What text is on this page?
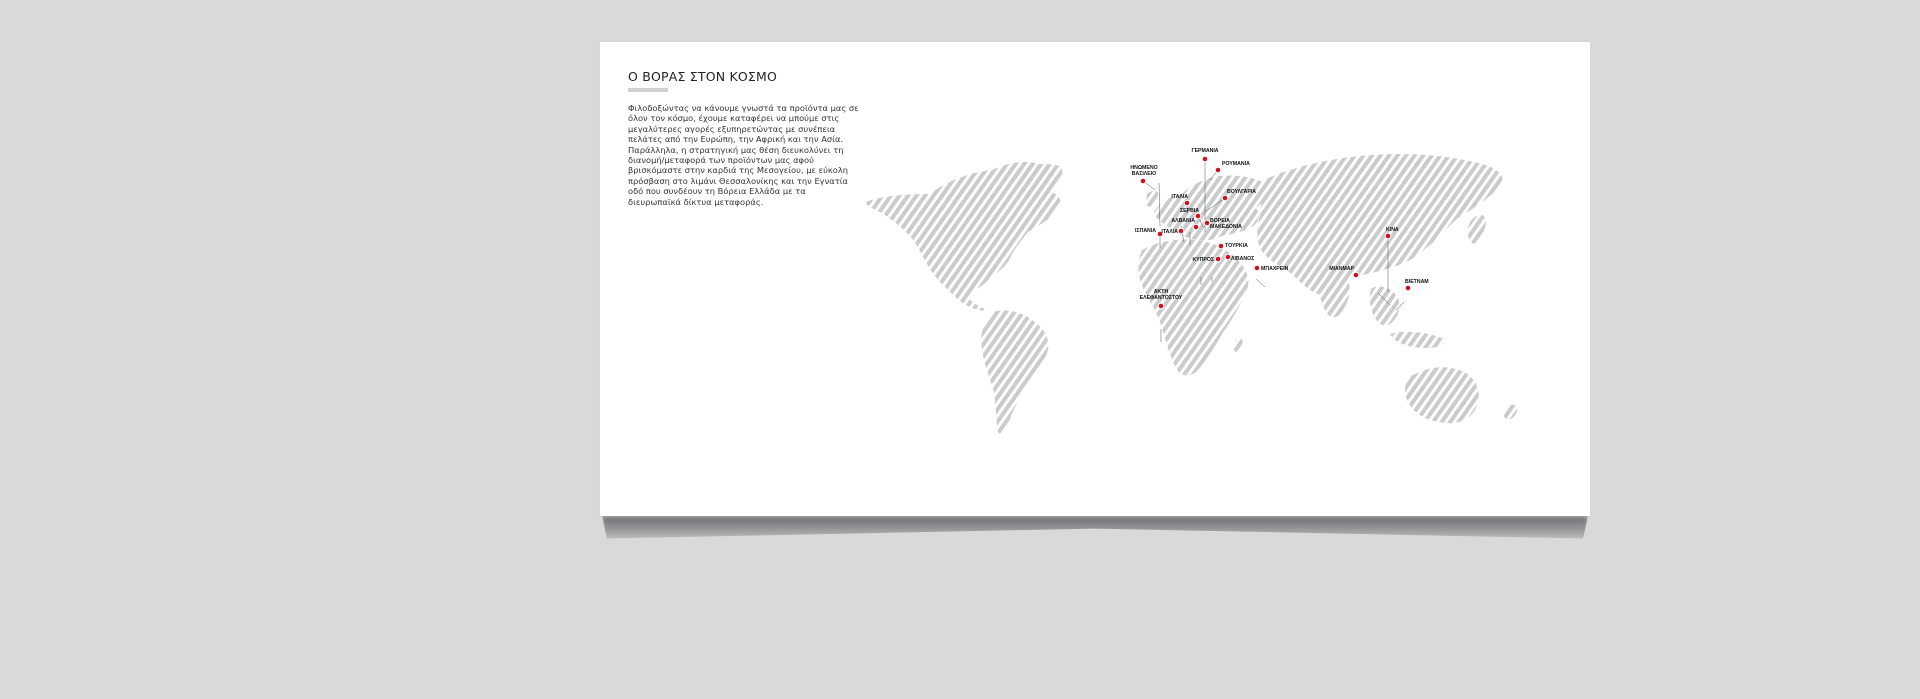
Ο ΒΟΡΑΣ ΣΤΟΝ ΚΟΣΜΟ

Φιλοδοξώντας να κάνουμε γνωστά τα προϊόντα μας σε όλον τον κόσμο, έχουμε καταφέρει να μπούμε στις μεγαλύτερες αγορές εξυπηρετώντας με συνέπεια πελάτες από την Ευρώπη, την Αφρική και την Ασία. Παράλληλα, η στρατηγική μας θέση διευκολύνει τη διανομή/μεταφορά των προϊόντων μας αφού βρισκόμαστε στην καρδιά της Μεσογείου, με εύκολη πρόσβαση στο λιμάνι Θεσσαλονίκης και την Εγνατία οδό που συνδέουν τη Βόρεια Ελλάδα με τα διευρωπαϊκά δίκτυα μεταφοράς.

ΓΕΡΜΑΝΙΑ
ΡΟΥΜΑΝΙΑ
ΗΝΩΜΕΝΟ
ΒΑΣΙΛΕΙΟ
ΒΟΥΛΓΑΡΙΑ
ΙΤΑΛΙΑ
ΣΕΡΒΙΑ
ΑΛΒΑΝΙΑ	ΒΟΡΕΙΑ
ΜΑΚΕΔΟΝΙΑ
ΙΣΠΑΝΙΑ ΙΤΑΛΙΑ
ΤΟΥΡΚΙΑ
ΚΥΠΡΟΣ	ΛΙΒΑΝΟΣ
ΜΠΑΧΡΕΙΝ
ΚΙΝΑ
ΜΙΑΝΜΑΡ
ΒΙΕΤΝΑΜ
ΑΚΤΗ
ΕΛΕΦΑΝΤΟΣΤΟΥ
